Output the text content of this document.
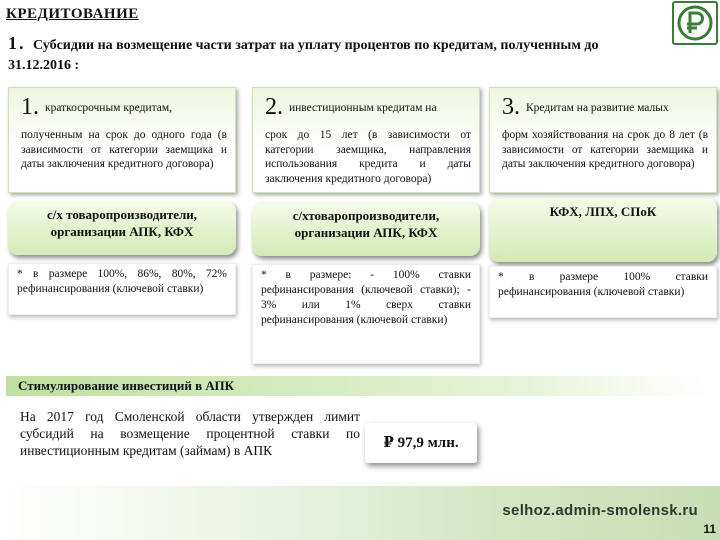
КРЕДИТОВАНИЕ
1. Субсидии на возмещение части затрат на уплату процентов по кредитам, полученным до 31.12.2016 :
1. краткосрочным кредитам,
полученным на срок до одного года (в зависимости от категории заемщика и даты заключения кредитного договора)
с/х товаропроизводители, организации АПК, КФХ
* в размере 100%, 86%, 80%, 72% рефинансирования (ключевой ставки)
2. инвестиционным кредитам на
срок до 15 лет (в зависимости от категории заемщика, направления использования кредита и даты заключения кредитного договора)
с/хтоваропроизводители, организации АПК, КФХ
* в размере: - 100% ставки рефинансирования (ключевой ставки); - 3% или 1% сверх ставки рефинансирования (ключевой ставки)
3. Кредитам на развитие малых
форм хозяйствования на срок до 8 лет (в зависимости от категории заемщика и даты заключения кредитного договора)
КФХ, ЛПХ, СПоК
* в размере 100% ставки рефинансирования (ключевой ставки)
Стимулирование инвестиций в АПК
На 2017 год Смоленской области утвержден лимит субсидий на возмещение процентной ставки по инвестиционным кредитам (займам) в АПК	₽ 97,9 млн.
selhoz.admin-smolensk.ru
11
